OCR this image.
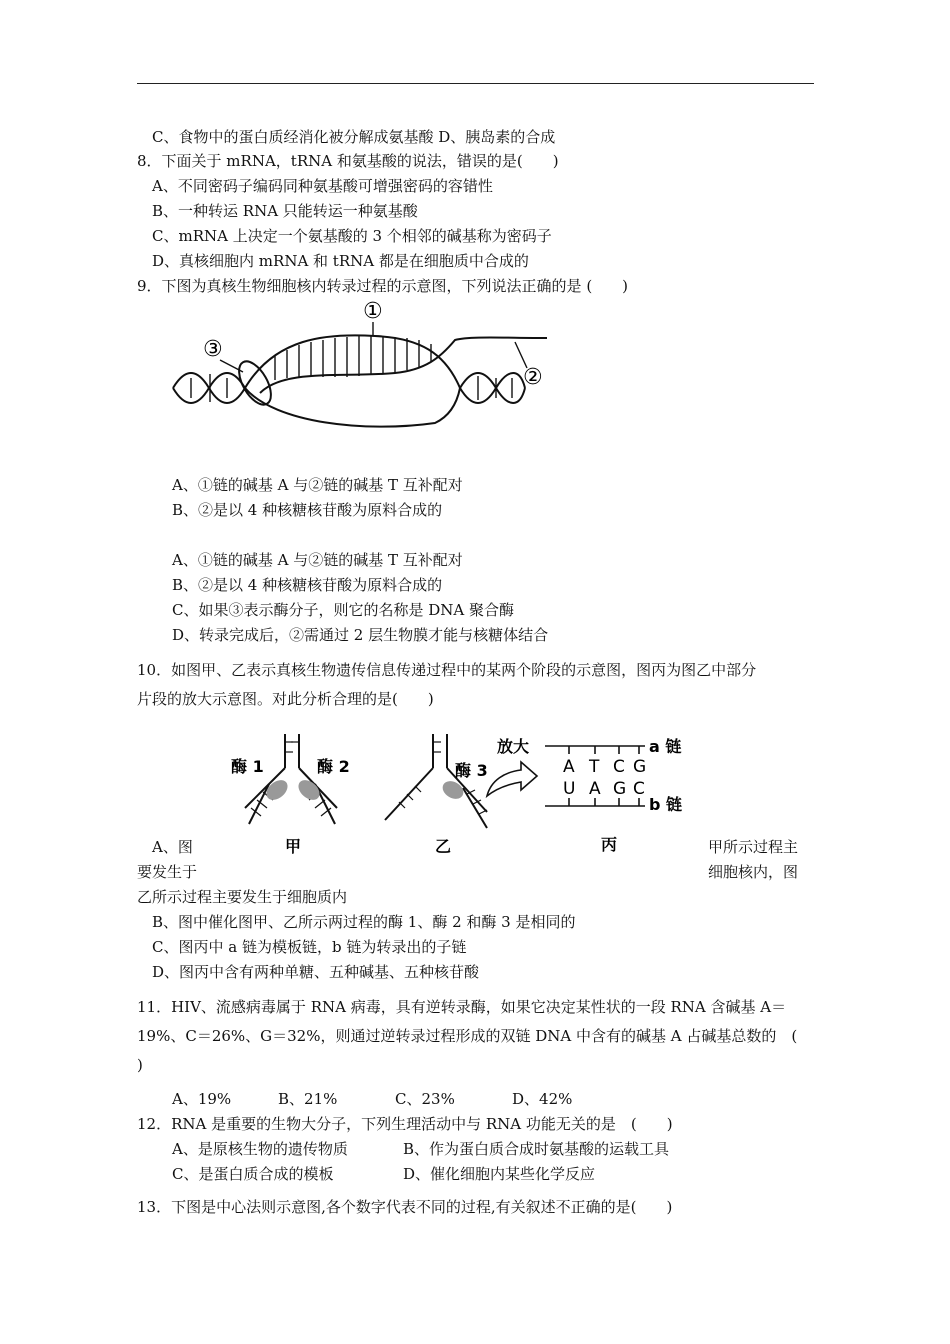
C、食物中的蛋白质经消化被分解成氨基酸 D、胰岛素的合成
8．下面关于 mRNA，tRNA 和氨基酸的说法，错误的是(　　)
A、不同密码子编码同种氨基酸可增强密码的容错性
B、一种转运 RNA 只能转运一种氨基酸
C、mRNA 上决定一个氨基酸的 3 个相邻的碱基称为密码子
D、真核细胞内 mRNA 和 tRNA 都是在细胞质中合成的
9．下图为真核生物细胞核内转录过程的示意图，下列说法正确的是 (　　)
①
②
③
A、①链的碱基 A 与②链的碱基 T 互补配对
B、②是以 4 种核糖核苷酸为原料合成的
A、①链的碱基 A 与②链的碱基 T 互补配对
B、②是以 4 种核糖核苷酸为原料合成的
C、如果③表示酶分子，则它的名称是 DNA 聚合酶
D、转录完成后，②需通过 2 层生物膜才能与核糖体结合
10．如图甲、乙表示真核生物遗传信息传递过程中的某两个阶段的示意图，图丙为图乙中部分
片段的放大示意图。对此分析合理的是(　　)
酶 1	酶 2	酶 3
放大	a 链
b 链
甲	乙	丙
A T C G
U A G C
A、图	甲所示过程主
要发生于	细胞核内，图
乙所示过程主要发生于细胞质内
B、图中催化图甲、乙所示两过程的酶 1、酶 2 和酶 3 是相同的
C、图丙中 a 链为模板链，b 链为转录出的子链
D、图丙中含有两种单糖、五种碱基、五种核苷酸
11．HIV、流感病毒属于 RNA 病毒，具有逆转录酶，如果它决定某性状的一段 RNA 含碱基 A＝
19%、C＝26%、G＝32%，则通过逆转录过程形成的双链 DNA 中含有的碱基 A 占碱基总数的　(
)
A、19%	B、21%	C、23%	D、42%
12．RNA 是重要的生物大分子，下列生理活动中与 RNA 功能无关的是　(　　)
A、是原核生物的遗传物质	B、作为蛋白质合成时氨基酸的运载工具
C、是蛋白质合成的模板	D、催化细胞内某些化学反应
13．下图是中心法则示意图,各个数字代表不同的过程,有关叙述不正确的是(　　)
